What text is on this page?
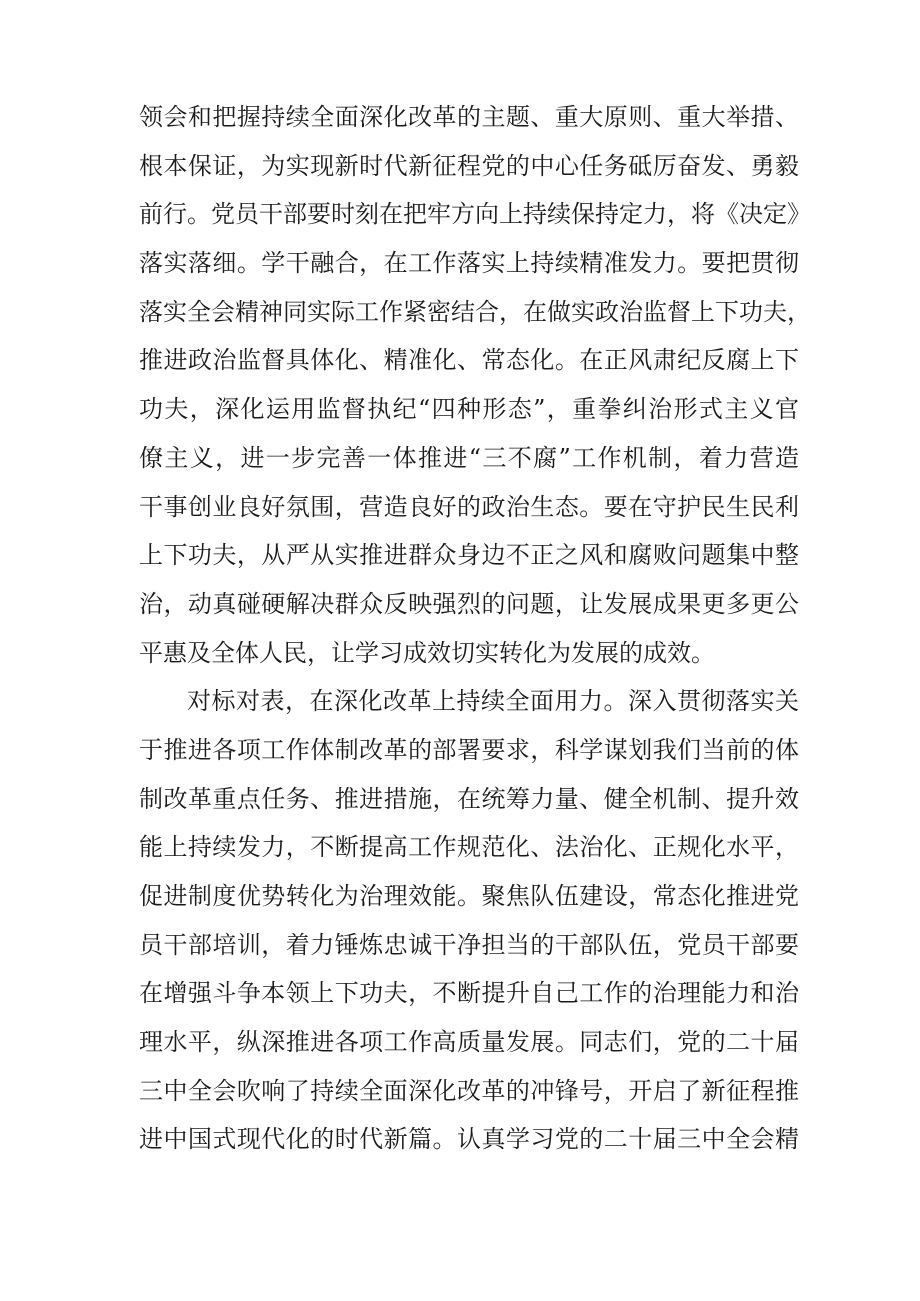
领会和把握持续全面深化改革的主题、重大原则、重大举措、
根本保证，为实现新时代新征程党的中心任务砥厉奋发、勇毅
前行。党员干部要时刻在把牢方向上持续保持定力，将《决定》
落实落细。学干融合，在工作落实上持续精准发力。要把贯彻
落实全会精神同实际工作紧密结合，在做实政治监督上下功夫，
推进政治监督具体化、精准化、常态化。在正风肃纪反腐上下
功夫，深化运用监督执纪“四种形态”，重拳纠治形式主义官
僚主义，进一步完善一体推进“三不腐”工作机制，着力营造
干事创业良好氛围，营造良好的政治生态。要在守护民生民利
上下功夫，从严从实推进群众身边不正之风和腐败问题集中整
治，动真碰硬解决群众反映强烈的问题，让发展成果更多更公
平惠及全体人民，让学习成效切实转化为发展的成效。
对标对表，在深化改革上持续全面用力。深入贯彻落实关
于推进各项工作体制改革的部署要求，科学谋划我们当前的体
制改革重点任务、推进措施，在统筹力量、健全机制、提升效
能上持续发力，不断提高工作规范化、法治化、正规化水平，
促进制度优势转化为治理效能。聚焦队伍建设，常态化推进党
员干部培训，着力锤炼忠诚干净担当的干部队伍，党员干部要
在增强斗争本领上下功夫，不断提升自己工作的治理能力和治
理水平，纵深推进各项工作高质量发展。同志们，党的二十届
三中全会吹响了持续全面深化改革的冲锋号，开启了新征程推
进中国式现代化的时代新篇。认真学习党的二十届三中全会精
